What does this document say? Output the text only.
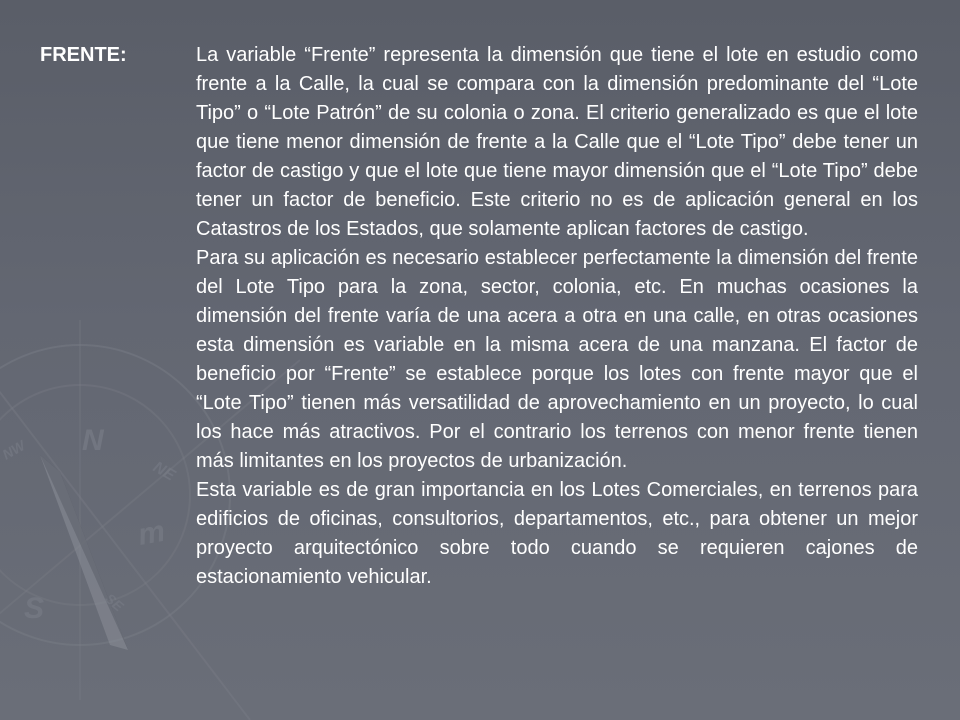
N
NE
NW
m
SE
S

FRENTE:	La variable “Frente” representa la dimensión que tiene el lote en estudio como frente a la Calle, la cual se compara con la dimensión predominante del “Lote Tipo” o “Lote Patrón” de su colonia o zona. El criterio generalizado es que el lote que tiene menor dimensión de frente a la Calle que el “Lote Tipo” debe tener un factor de castigo y que el lote que tiene mayor dimensión que el “Lote Tipo” debe tener un factor de beneficio. Este criterio no es de aplicación general en los Catastros de los Estados, que solamente aplican factores de castigo.

Para su aplicación es necesario establecer perfectamente la dimensión del frente del Lote Tipo para la zona, sector, colonia, etc. En muchas ocasiones la dimensión del frente varía de una acera a otra en una calle, en otras ocasiones esta dimensión es variable en la misma acera de una manzana. El factor de beneficio por “Frente” se establece porque los lotes con frente mayor que el “Lote Tipo” tienen más versatilidad de aprovechamiento en un proyecto, lo cual los hace más atractivos. Por el contrario los terrenos con menor frente tienen más limitantes en los proyectos de urbanización.

Esta variable es de gran importancia en los Lotes Comerciales, en terrenos para edificios de oficinas, consultorios, departamentos, etc., para obtener un mejor proyecto arquitectónico sobre todo cuando se requieren cajones de estacionamiento vehicular.
